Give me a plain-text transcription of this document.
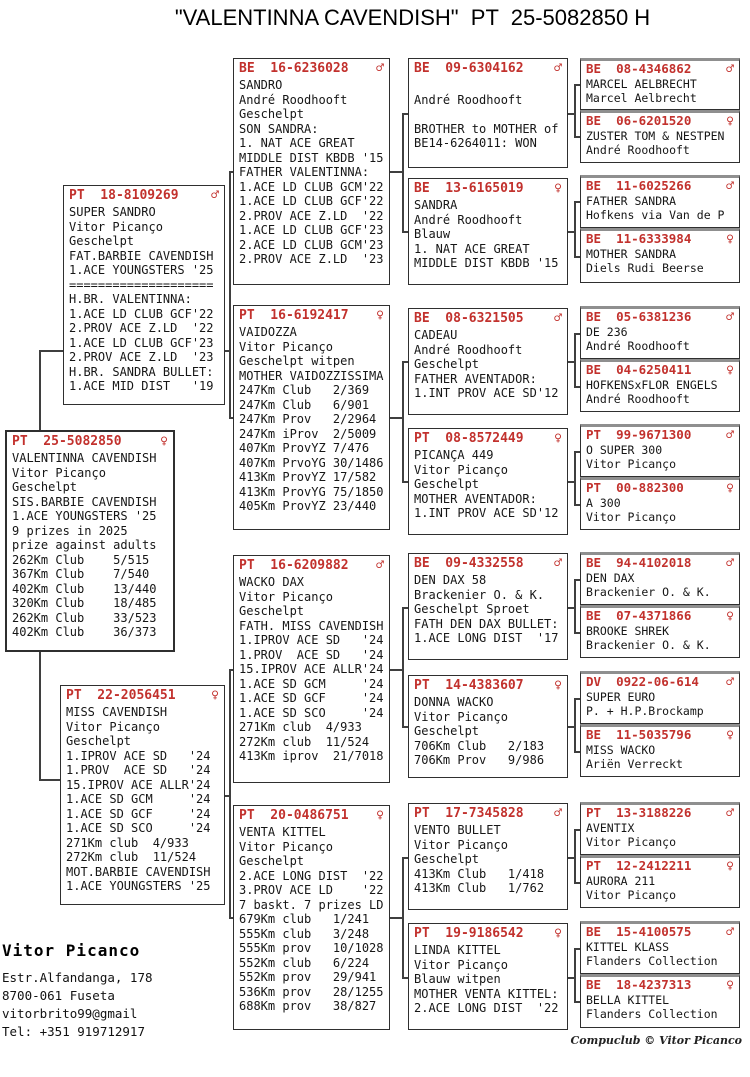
"VALENTINNA CAVENDISH"  PT  25-5082850 H
PT  25-5082850	♀
VALENTINNA CAVENDISH
Vitor Picanço
Geschelpt
SIS.BARBIE CAVENDISH
1.ACE YOUNGSTERS '25
9 prizes in 2025
prize against adults
262Km Club    5/515
367Km Club    7/540
402Km Club    13/440
320Km Club    18/485
262Km Club    33/523
402Km Club    36/373
PT  18-8109269	♂
SUPER SANDRO
Vitor Picanço
Geschelpt
FAT.BARBIE CAVENDISH
1.ACE YOUNGSTERS '25
====================
H.BR. VALENTINNA:
1.ACE LD CLUB GCF'22
2.PROV ACE Z.LD  '22
1.ACE LD CLUB GCF'23
2.PROV ACE Z.LD  '23
H.BR. SANDRA BULLET:
1.ACE MID DIST   '19
PT  22-2056451	♀
MISS CAVENDISH
Vitor Picanço
Geschelpt
1.IPROV ACE SD   '24
1.PROV  ACE SD   '24
15.IPROV ACE ALLR'24
1.ACE SD GCM     '24
1.ACE SD GCF     '24
1.ACE SD SCO     '24
271Km club  4/933
272Km club  11/524
MOT.BARBIE CAVENDISH
1.ACE YOUNGSTERS '25
BE  16-6236028 ♂
SANDRO
André Roodhooft
Geschelpt
SON SANDRA:
1. NAT ACE GREAT
MIDDLE DIST KBDB '15
FATHER VALENTINNA:
1.ACE LD CLUB GCM'22
1.ACE LD CLUB GCF'22
2.PROV ACE Z.LD  '22
1.ACE LD CLUB GCF'23
2.ACE LD CLUB GCM'23
2.PROV ACE Z.LD  '23
PT  16-6192417 ♀
VAIDOZZA
Vitor Picanço
Geschelpt witpen
MOTHER VAIDOZZISSIMA
247Km Club   2/369
247Km Club   6/901
247Km Prov   2/2964
247Km iProv  2/5009
407Km ProvYZ 7/476
407Km PrvoYG 30/1486
413Km ProvYZ 17/582
413Km ProvYG 75/1850
405Km ProvYZ 23/440
PT  16-6209882 ♂
WACKO DAX
Vitor Picanço
Geschelpt
FATH. MISS CAVENDISH
1.IPROV ACE SD   '24
1.PROV  ACE SD   '24
15.IPROV ACE ALLR'24
1.ACE SD GCM     '24
1.ACE SD GCF     '24
1.ACE SD SCO     '24
271Km club  4/933
272Km club  11/524
413Km iprov  21/7018
PT  20-0486751 ♀
VENTA KITTEL
Vitor Picanço
Geschelpt
2.ACE LONG DIST  '22
3.PROV ACE LD    '22
7 baskt. 7 prizes LD
679Km club   1/241
555Km club   3/248
555Km prov   10/1028
552Km club   6/224
552Km prov   29/941
536Km prov   28/1255
688Km prov   38/827
BE  09-6304162 ♂

André Roodhooft

BROTHER to MOTHER of
BE14-6264011: WON
BE  13-6165019 ♀
SANDRA
André Roodhooft
Blauw
1. NAT ACE GREAT
MIDDLE DIST KBDB '15
BE  08-6321505 ♂
CADEAU
André Roodhooft
Geschelpt
FATHER AVENTADOR:
1.INT PROV ACE SD'12
PT  08-8572449 ♀
PICANÇA 449
Vitor Picanço
Geschelpt
MOTHER AVENTADOR:
1.INT PROV ACE SD'12
BE  09-4332558 ♂
DEN DAX 58
Brackenier O. & K.
Geschelpt Sproet
FATH DEN DAX BULLET:
1.ACE LONG DIST  '17
PT  14-4383607 ♀
DONNA WACKO
Vitor Picanço
Geschelpt
706Km Club   2/183
706Km Prov   9/986
PT  17-7345828 ♂
VENTO BULLET
Vitor Picanço
Geschelpt
413Km Club   1/418
413Km Club   1/762
PT  19-9186542 ♀
LINDA KITTEL
Vitor Picanço
Blauw witpen
MOTHER VENTA KITTEL:
2.ACE LONG DIST  '22
BE  08-4346862	♂
MARCEL AELBRECHT
Marcel Aelbrecht
BE  06-6201520	♀
ZUSTER TOM & NESTPEN
André Roodhooft
BE  11-6025266	♂
FATHER SANDRA
Hofkens via Van de P
BE  11-6333984	♀
MOTHER SANDRA
Diels Rudi Beerse
BE  05-6381236	♂
DE 236
André Roodhooft
BE  04-6250411	♀
HOFKENSxFLOR ENGELS
André Roodhooft
PT  99-9671300	♂
O SUPER 300
Vitor Picanço
PT  00-882300	♀
A 300
Vitor Picanço
BE  94-4102018	♂
DEN DAX
Brackenier O. & K.
BE  07-4371866	♀
BROOKE SHREK
Brackenier O. & K.
DV  0922-06-614 ♂
SUPER EURO
P. + H.P.Brockamp
BE  11-5035796	♀
MISS WACKO
Ariën Verreckt
PT  13-3188226	♂
AVENTIX
Vitor Picanço
PT  12-2412211	♀
AURORA 211
Vitor Picanço
BE  15-4100575	♂
KITTEL KLASS
Flanders Collection
BE  18-4237313	♀
BELLA KITTEL
Flanders Collection
Vitor Picanco
Estr.Alfandanga, 178
8700-061 Fuseta
vitorbrito99@gmail
Tel: +351 919712917
Compuclub © Vitor Picanco
